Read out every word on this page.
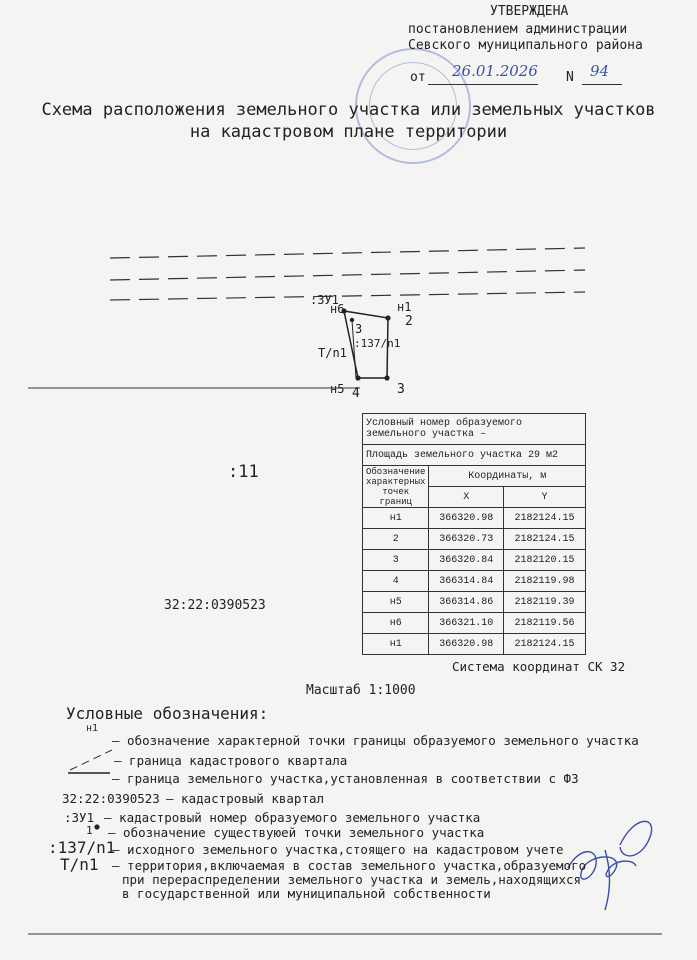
УТВЕРЖДЕНА
постановлением администрации
Севского муниципального района
от 26.01.2026 N 94
Схема расположения земельного участка или земельных участков
на кадастровом плане территории
:ЗУ1
н6	н1
2
3
:137/n1
Т/n1
н5 4	3
:11
32:22:0390523
Условный номер образуемого земельного участка –		
Площадь земельного участка 29 м2		
Обозначение характерных точек границ	Координаты, м	
	X	Y
н1	366320.98	2182124.15
2	366320.73	2182124.15
3	366320.84	2182120.15
4	366314.84	2182119.98
н5	366314.86	2182119.39
н6	366321.10	2182119.56
н1	366320.98	2182124.15
Система координат СК 32
Масштаб 1:1000
Условные обозначения:
н1
– обозначение характерной точки границы образуемого земельного участка
– граница кадастрового квартала
– граница земельного участка,установленная в соответствии с ФЗ
32:22:0390523 – кадастровый квартал
:ЗУ1 – кадастровый номер образуемого земельного участка
1 – обозначение существуюей точки земельного участка
:137/n1
– исходного земельного участка,стоящего на кадастровом учете
Т/n1 – территория,включаемая в состав земельного участка,образуемого
при перераспределении земельного участка и земель,находящихся
в государственной или муниципальной собственности
